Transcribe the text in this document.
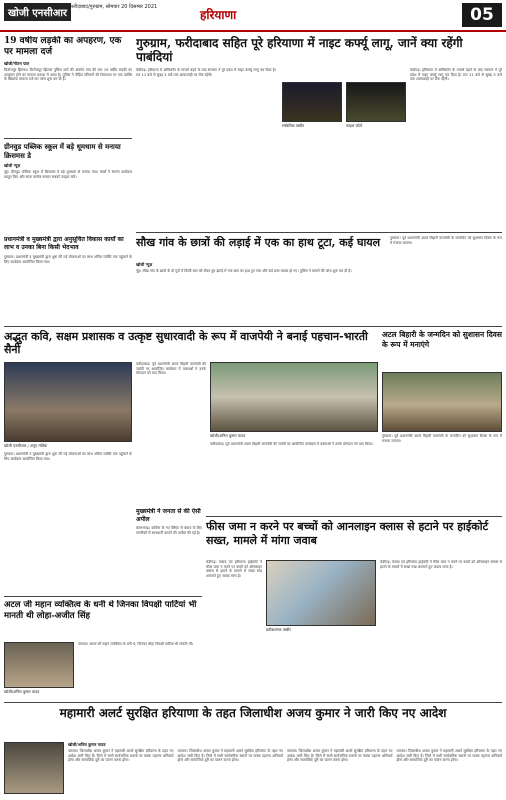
खोजी एनसीआर
फरीदाबाद/गुरुग्राम, सोमवार 20 दिसम्बर 2021
हरियाणा	05
19 वर्षीय लड़की का अपहरण, एक पर मामला दर्ज
खोजी/गौतम पाल
फिरोजपुर झिरका। फिरोजपुर झिरका पुलिस थाने की अंतर्गत गांव की एक 19 वर्षीय लड़की का अपहरण होने का मामला प्रकाश में आया है। पुलिस ने पीड़ित परिजनों की शिकायत पर एक व्यक्ति के खिलाफ मामला दर्ज कर जांच शुरू कर दी है।
गुरुग्राम, फरीदाबाद सहित पूरे हरियाणा में नाइट कर्फ्यू लागू, जानें क्या रहेंगी पाबंदियां
चंडीगढ़। हरियाणा में ओमिक्रॉन के मामले बढ़ने के बाद सरकार ने पूरे प्रदेश में नाइट कर्फ्यू लागू कर दिया है। रात 11 बजे से सुबह 5 बजे तक आवाजाही पर रोक रहेगी।
सांकेतिक तस्वीर	फाइल फोटो
चंडीगढ़। हरियाणा में ओमिक्रॉन के मामले बढ़ने के बाद सरकार ने पूरे प्रदेश में नाइट कर्फ्यू लागू कर दिया है। रात 11 बजे से सुबह 5 बजे तक आवाजाही पर रोक रहेगी।
ग्रीनवुड पब्लिक स्कूल में बड़े धूमधाम से मनाया क्रिसमस डे
खोजी न्यूज़
नूंह। ग्रीनवुड पब्लिक स्कूल में क्रिसमस डे बड़े धूमधाम से मनाया गया। बच्चों ने रंगारंग कार्यक्रम प्रस्तुत किए और सांता क्लॉज बनकर सबको उपहार बांटे।
सौख गांव के छात्रों की लड़ाई में एक का हाथ टूटा, कई घायल
खोजी न्यूज़
नूंह। सौख गांव के छात्रों के दो गुटों में किसी बात को लेकर हुए झगड़े में एक छात्र का हाथ टूट गया और कई छात्र घायल हो गए। पुलिस ने मामले की जांच शुरू कर दी है।
गुरुग्राम। पूर्व प्रधानमंत्री अटल बिहारी वाजपेयी के जन्मदिन को सुशासन दिवस के रूप में मनाया जाएगा।
प्रधानमंत्री व मुख्यमंत्री द्वारा अनुसूचित विकास कार्यों का लाभ व उनका बिना किसी भेदभाव
गुरुग्राम। प्रधानमंत्री व मुख्यमंत्री द्वारा शुरू की गई योजनाओं का लाभ अंतिम व्यक्ति तक पहुंचाने के लिए कार्यक्रम आयोजित किया गया।
अद्भुत कवि, सक्षम प्रशासक व उत्कृष्ट सुधारवादी के रूप में वाजपेयी ने बनाई पहचान-भारती सैनी
खोजी एनसीआर / अनूप मलिक
गुरुग्राम। प्रधानमंत्री व मुख्यमंत्री द्वारा शुरू की गई योजनाओं का लाभ अंतिम व्यक्ति तक पहुंचाने के लिए कार्यक्रम आयोजित किया गया।
फरीदाबाद। पूर्व प्रधानमंत्री अटल बिहारी वाजपेयी की जयंती पर आयोजित कार्यक्रम में वक्ताओं ने उनके योगदान को याद किया।
खोजी/अनिल कुमार यादव
फरीदाबाद। पूर्व प्रधानमंत्री अटल बिहारी वाजपेयी की जयंती पर आयोजित कार्यक्रम में वक्ताओं ने उनके योगदान को याद किया।
अटल बिहारी के जन्मदिन को सुशासन दिवस के रूप में मनाएंगे
गुरुग्राम। पूर्व प्रधानमंत्री अटल बिहारी वाजपेयी के जन्मदिन को सुशासन दिवस के रूप में मनाया जाएगा।
मुख्यमंत्री ने जनता से की ऐसी अपील
बल्लभगढ़। कोरोना के नए वेरिएंट से बचाव के लिए नागरिकों से सावधानी बरतने की अपील की गई है। फीस जमा न करने पर बच्चों को आनलाइन क्लास से हटाने पर हाईकोर्ट सख्त, मामले में मांगा जवाब
चंडीगढ़। पंजाब एवं हरियाणा हाईकोर्ट ने फीस जमा न करने पर बच्चों को ऑनलाइन क्लास से हटाने के मामले में सख्त रुख अपनाते हुए जवाब मांगा है।
प्रतीकात्मक तस्वीर
चंडीगढ़। पंजाब एवं हरियाणा हाईकोर्ट ने फीस जमा न करने पर बच्चों को ऑनलाइन क्लास से हटाने के मामले में सख्त रुख अपनाते हुए जवाब मांगा है।
अटल जी महान व्यक्तित्व के धनी थे जिनका विपक्षी पार्टियां भी मानती थी लोहा-अजीत सिंह
खोजी/अनिल कुमार यादव
पलवल। अटल जी महान व्यक्तित्व के धनी थे, जिनका लोहा विपक्षी पार्टियां भी मानती थीं।
महामारी अलर्ट सुरक्षित हरियाणा के तहत जिलाधीश अजय कुमार ने जारी किए नए आदेश
खोजी/अनिल कुमार यादव
पलवल। जिलाधीश अजय कुमार ने महामारी अलर्ट सुरक्षित हरियाणा के तहत नए आदेश जारी किए हैं। जिले में सभी सार्वजनिक स्थानों पर मास्क पहनना अनिवार्य होगा और सामाजिक दूरी का पालन करना होगा।
पलवल। जिलाधीश अजय कुमार ने महामारी अलर्ट सुरक्षित हरियाणा के तहत नए आदेश जारी किए हैं। जिले में सभी सार्वजनिक स्थानों पर मास्क पहनना अनिवार्य होगा और सामाजिक दूरी का पालन करना होगा।
पलवल। जिलाधीश अजय कुमार ने महामारी अलर्ट सुरक्षित हरियाणा के तहत नए आदेश जारी किए हैं। जिले में सभी सार्वजनिक स्थानों पर मास्क पहनना अनिवार्य होगा और सामाजिक दूरी का पालन करना होगा।
पलवल। जिलाधीश अजय कुमार ने महामारी अलर्ट सुरक्षित हरियाणा के तहत नए आदेश जारी किए हैं। जिले में सभी सार्वजनिक स्थानों पर मास्क पहनना अनिवार्य होगा और सामाजिक दूरी का पालन करना होगा।
